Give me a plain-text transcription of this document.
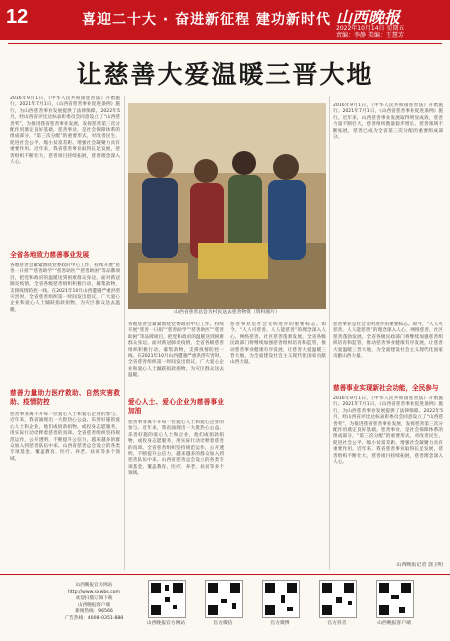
12	喜迎二十大 · 奋进新征程 建功新时代 山西晚报
2022年10月14日 星期五
责编：李静 美编：王慧芳
让慈善大爱温暖三晋大地
2016年9月1日，《中华人民共和国慈善法》开始施行。2021年7月1日，《山西省慈善事业促进条例》施行，为山西慈善事业发展提供了法律保障。2022年5月，经山西省评比达标表彰委员会同意设立了“山西慈善奖”，为推进我省慈善事业发展，发挥慈善第三次分配作用奠定良好基础。慈善事业，是社会保障体系的组成部分，“第三次分配”的重要形式，对改善民生、促进社会公平、缩小贫富差距、增强社会凝聚力具有重要作用。近年来，我省慈善事业取得长足发展，慈善组织不断壮大，慈善项目持续拓展，慈善理念深入人心。
全省各地致力慈善事业发展
各地慈善会紧紧围绕党委政府中心工作，持续开展“慈善一日捐”“慈善助学”“慈善助医”“慈善助困”等品牌项目，把党和政府的温暖送到困难群众身边。面对新冠肺炎疫情，全省各级慈善组织积极行动，募集款物，支援疫情防控一线。在2021年10月山西遭遇严重洪涝灾害时，全省慈善组织第一时间发出倡议，广大爱心企业和爱心人士踊跃捐款捐物，为灾区群众送去温暖。
慈善力量助力医疗救助、自然灾害救助、疫情防控
慈善事业离不开每一位爱心人士和爱心企业的参与。近年来，我省涌现出一大批热心公益、乐善好施的爱心人士和企业，他们或捐款捐物，或投身志愿服务，用实际行动诠释着慈善的真谛。全省慈善组织坚持规范运作，公开透明，不断提升公信力，越来越多的群众加入到慈善队伍中来。山西省慈善总会设立的各类专项基金，覆盖教育、医疗、养老、扶贫等多个领域。
山西省慈善总会为村民送去慈善物资（资料图片）
2016年9月1日，《中华人民共和国慈善法》开始施行。2021年7月1日，《山西省慈善事业促进条例》施行。近年来，山西慈善事业发展取得明显成效，慈善力量不断壮大，慈善组织数量稳步增长，慈善领域不断拓展，慈善已成为全省第三次分配的重要组成部分。
各地慈善会紧紧围绕党委政府中心工作，持续开展“慈善一日捐”“慈善助学”“慈善助医”“慈善助困”等品牌项目，把党和政府的温暖送到困难群众身边。面对新冠肺炎疫情，全省各级慈善组织积极行动，募集款物，支援疫情防控一线。在2021年10月山西遭遇严重洪涝灾害时，全省慈善组织第一时间发出倡议，广大爱心企业和爱心人士踊跃捐款捐物，为灾区群众送去温暖。
爱心人士、爱心企业为慈善事业加油
慈善事业离不开每一位爱心人士和爱心企业的参与。近年来，我省涌现出一大批热心公益、乐善好施的爱心人士和企业，他们或捐款捐物，或投身志愿服务，用实际行动诠释着慈善的真谛。全省慈善组织坚持规范运作，公开透明，不断提升公信力，越来越多的群众加入到慈善队伍中来。山西省慈善总会设立的各类专项基金，覆盖教育、医疗、养老、扶贫等多个领域。
慈善事业是社会文明进步的重要标志。如今，“人人可慈善、人人能慈善”的理念深入人心，网络慈善、社区慈善蓬勃发展。全省各级民政部门将继续加强慈善组织培育和监管，推动慈善事业健康有序发展，让慈善大爱温暖三晋大地，为全面建设社会主义现代化国家贡献山西力量。
慈善事业是社会文明进步的重要标志。如今，“人人可慈善、人人能慈善”的理念深入人心，网络慈善、社区慈善蓬勃发展。全省各级民政部门将继续加强慈善组织培育和监管，推动慈善事业健康有序发展，让慈善大爱温暖三晋大地，为全面建设社会主义现代化国家贡献山西力量。
慈善事业实现新社会功能，全民参与
2016年9月1日，《中华人民共和国慈善法》开始施行。2021年7月1日，《山西省慈善事业促进条例》施行，为山西慈善事业发展提供了法律保障。2022年5月，经山西省评比达标表彰委员会同意设立了“山西慈善奖”，为推进我省慈善事业发展，发挥慈善第三次分配作用奠定良好基础。慈善事业，是社会保障体系的组成部分，“第三次分配”的重要形式，对改善民生、促进社会公平、缩小贫富差距、增强社会凝聚力具有重要作用。近年来，我省慈善事业取得长足发展，慈善组织不断壮大，慈善项目持续拓展，慈善理念深入人心。
山西晚报记者 郭卫明
山西晚报官方网站
http://www.sxwbs.com
欢迎扫描订阅下载
山西晚报客户端
新闻热线：96566
广告热线：4008-0351-888
山西晚报官方网站	官方微信	官方微博	官方抖音	山西晚报客户端
